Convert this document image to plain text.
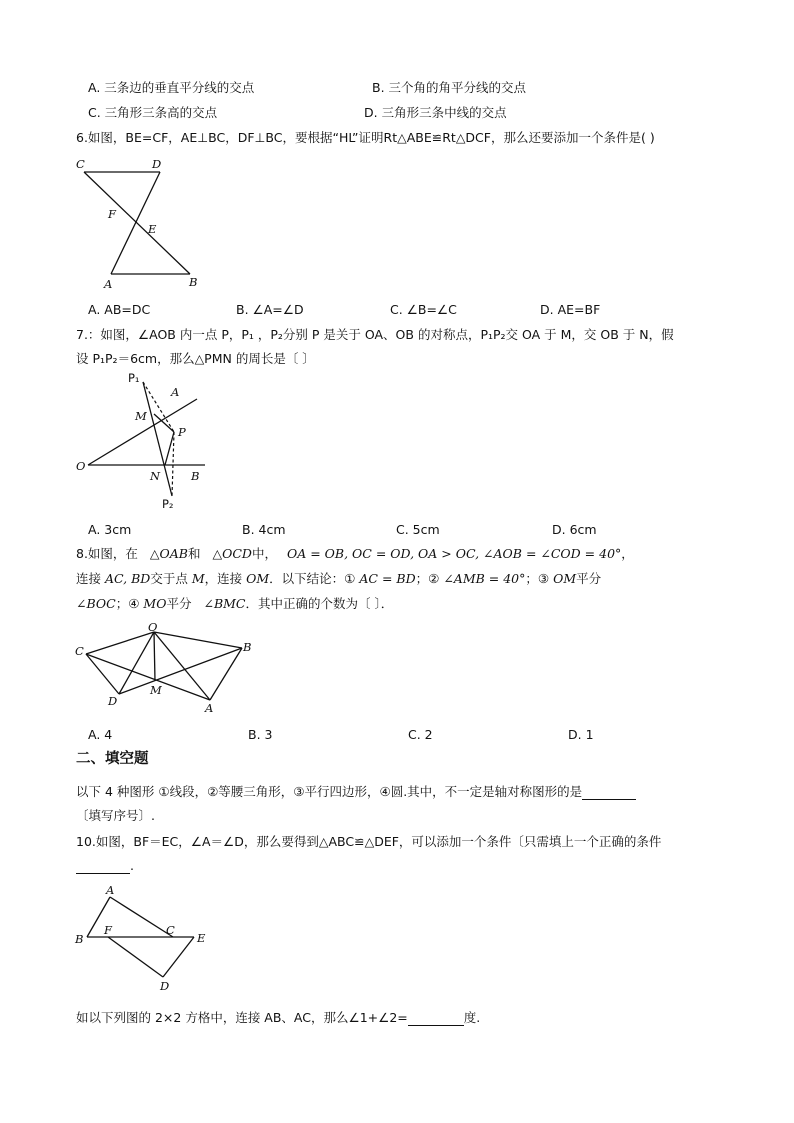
A. 三条边的垂直平分线的交点	B. 三个角的角平分线的交点
C. 三角形三条高的交点	D. 三角形三条中线的交点
6.如图，BE=CF，AE⊥BC，DF⊥BC，要根据“HL”证明Rt△ABE≌Rt△DCF，那么还要添加一个条件是( )
C	D
F
E
A	B
A. AB=DC	B. ∠A=∠D	C. ∠B=∠C	D. AE=BF
7.：如图，∠AOB 内一点 P，P₁ ，P₂分别 P 是关于 OA、OB 的对称点，P₁P₂交 OA 于 M，交 OB 于 N，假
设 P₁P₂＝6cm，那么△PMN 的周长是〔 〕
P₁
A
M
P
O
N	B
P₂
A. 3cm	B. 4cm	C. 5cm	D. 6cm
8.如图，在 △OAB和 △OCD中， OA = OB, OC = OD, OA > OC, ∠AOB = ∠COD = 40°，
连接 AC, BD交于点 M，连接 OM．以下结论：① AC = BD；② ∠AMB = 40°；③ OM平分
∠BOC；④ MO平分 ∠BMC．其中正确的个数为〔 〕．
O
C	B
D
M
A
A. 4	B. 3	C. 2	D. 1
二、填空题
以下 4 种图形 ①线段，②等腰三角形，③平行四边形，④圆.其中，不一定是轴对称图形的是
〔填写序号〕.
10.如图，BF＝EC，∠A＝∠D，那么要得到△ABC≌△DEF，可以添加一个条件〔只需填上一个正确的条件
.
A
B
F	C
E
D
如以下列图的 2×2 方格中，连接 AB、AC，那么∠1+∠2=	度.
